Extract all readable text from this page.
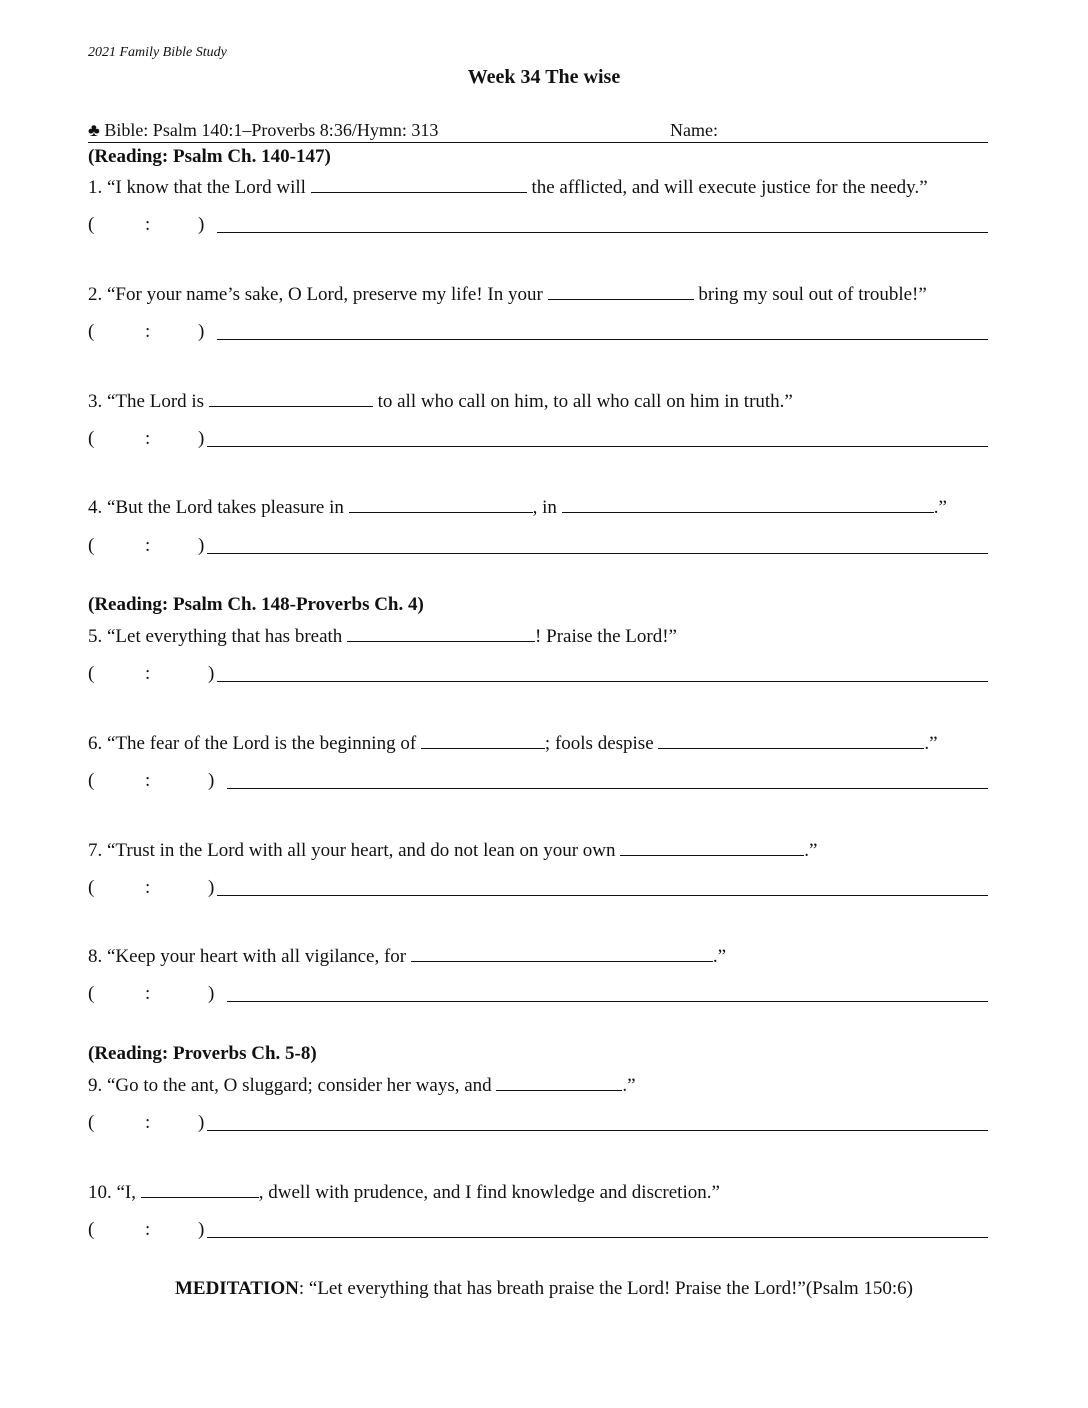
2021 Family Bible Study
Week 34 The wise
♣ Bible: Psalm 140:1–Proverbs 8:36/Hymn: 313	Name:
(Reading: Psalm Ch. 140-147)
1. “I know that the Lord will	the afflicted, and will execute justice for the needy.”
(	:	)
2. “For your name’s sake, O Lord, preserve my life! In your	bring my soul out of trouble!”
(	:	)
3. “The Lord is	to all who call on him, to all who call on him in truth.”
(	:	)
4. “But the Lord takes pleasure in	, in	.”
(	:	)
(Reading: Psalm Ch. 148-Proverbs Ch. 4)
5. “Let everything that has breath	! Praise the Lord!”
(	:	)
6. “The fear of the Lord is the beginning of	; fools despise	.”
(	:	)
7. “Trust in the Lord with all your heart, and do not lean on your own	.”
(	:	)
8. “Keep your heart with all vigilance, for	.”
(	:	)
(Reading: Proverbs Ch. 5-8)
9. “Go to the ant, O sluggard; consider her ways, and	.”
(	:	)
10. “I,	, dwell with prudence, and I find knowledge and discretion.”
(	:	)
MEDITATION: “Let everything that has breath praise the Lord! Praise the Lord!”(Psalm 150:6)
